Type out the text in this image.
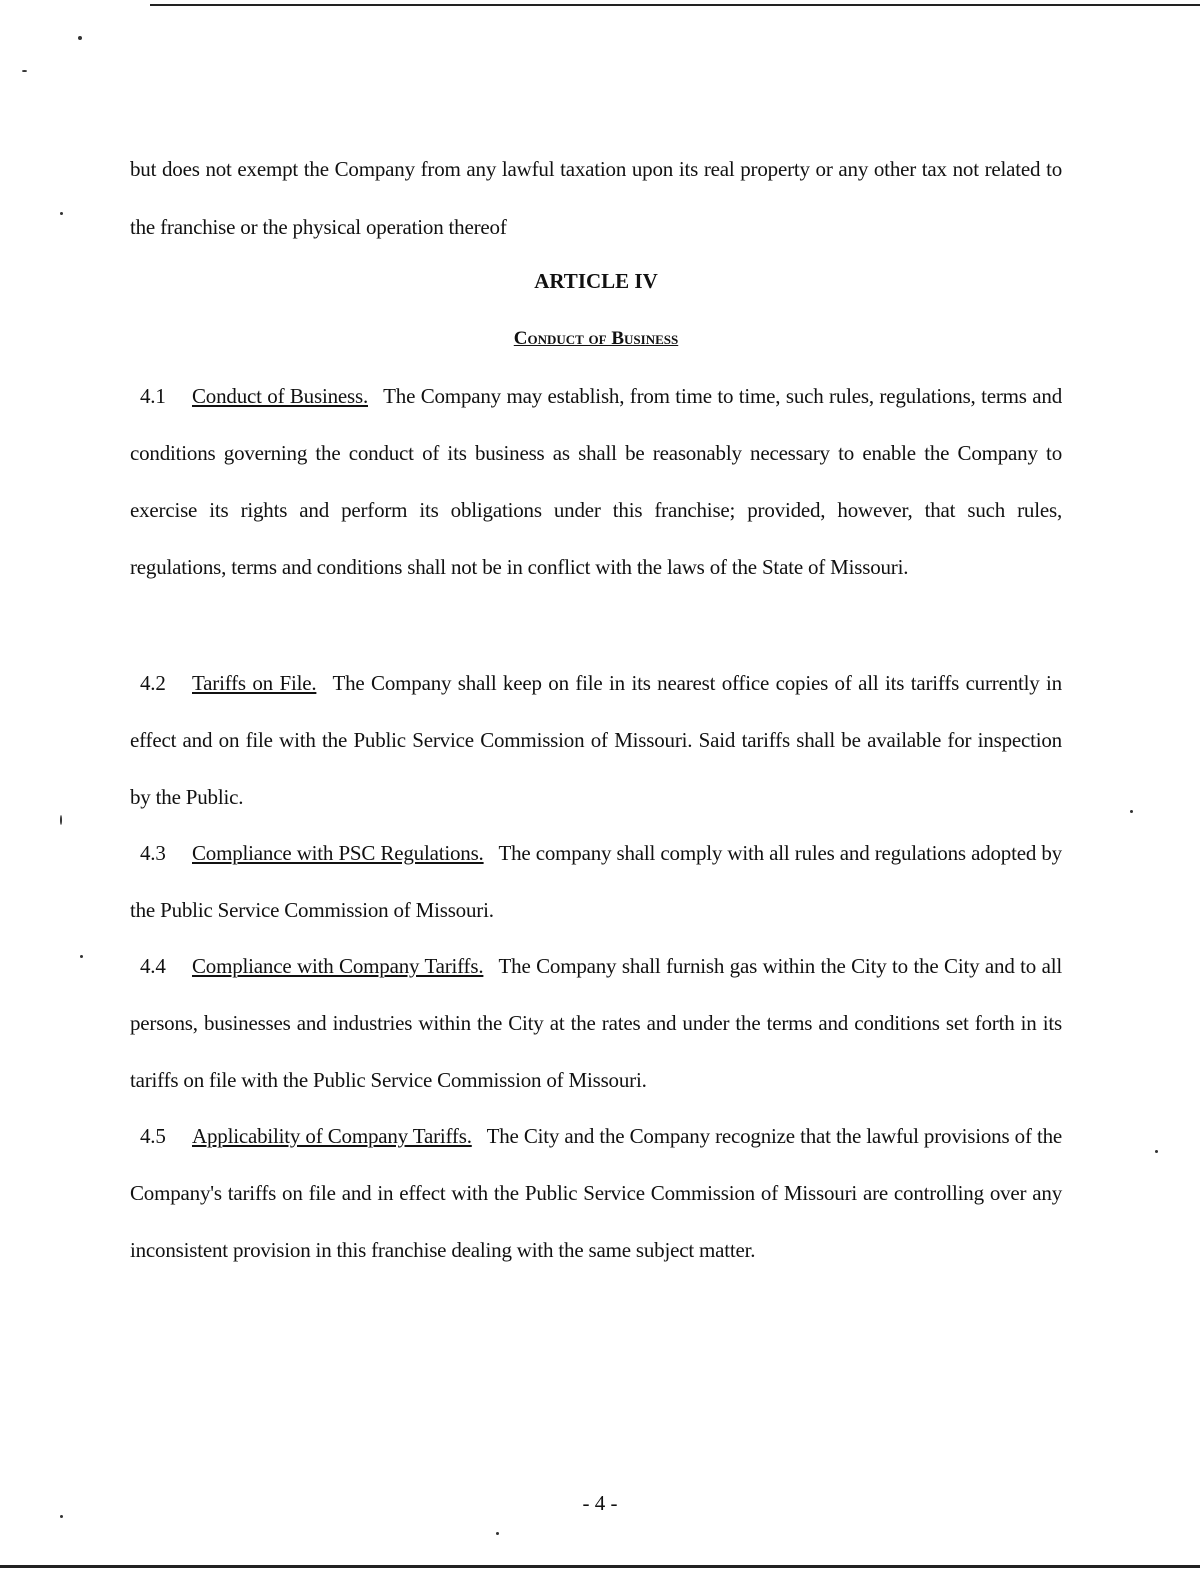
but does not exempt the Company from any lawful taxation upon its real property or any other tax not related to the franchise or the physical operation thereof
ARTICLE IV
Conduct of Business
4.1 Conduct of Business. The Company may establish, from time to time, such rules, regulations, terms and conditions governing the conduct of its business as shall be reasonably necessary to enable the Company to exercise its rights and perform its obligations under this franchise; provided, however, that such rules, regulations, terms and conditions shall not be in conflict with the laws of the State of Missouri.
4.2 Tariffs on File. The Company shall keep on file in its nearest office copies of all its tariffs currently in effect and on file with the Public Service Commission of Missouri. Said tariffs shall be available for inspection by the Public.
4.3 Compliance with PSC Regulations. The company shall comply with all rules and regulations adopted by the Public Service Commission of Missouri.
4.4 Compliance with Company Tariffs. The Company shall furnish gas within the City to the City and to all persons, businesses and industries within the City at the rates and under the terms and conditions set forth in its tariffs on file with the Public Service Commission of Missouri.
4.5 Applicability of Company Tariffs. The City and the Company recognize that the lawful provisions of the Company's tariffs on file and in effect with the Public Service Commission of Missouri are controlling over any inconsistent provision in this franchise dealing with the same subject matter.
- 4 -
